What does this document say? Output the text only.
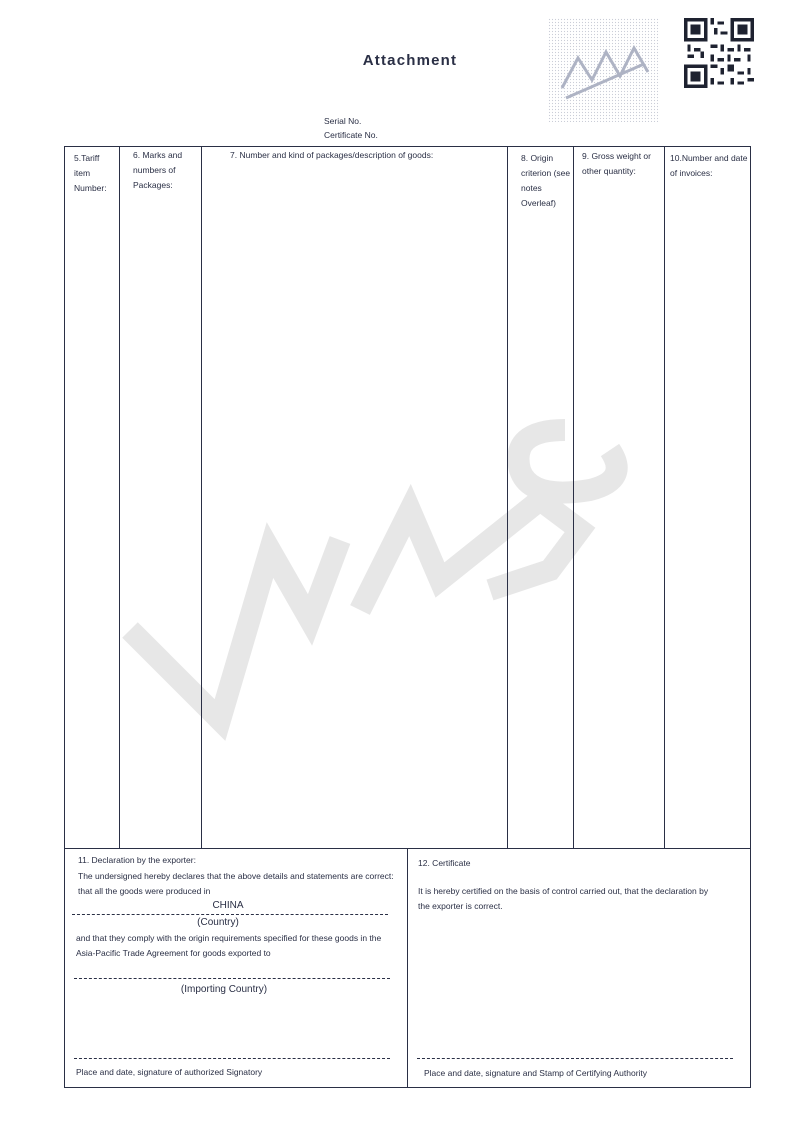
Attachment
Serial No.
Certificate No.
5.Tariff item Number:
6. Marks and numbers of Packages:
7. Number and kind of packages/description of goods:	8. Origin criterion (see notes Overleaf)
9. Gross weight or other quantity:
10.Number and date of invoices:
11. Declaration by the exporter:
The undersigned hereby declares that the above details and statements are correct: that all the goods were produced in
CHINA
(Country)
and that they comply with the origin requirements specified for these goods in the Asia-Pacific Trade Agreement for goods exported to
(Importing Country)
Place and date, signature of authorized Signatory
12. Certificate
It is hereby certified on the basis of control carried out, that the declaration by the exporter is correct.
Place and date, signature and Stamp of Certifying Authority
